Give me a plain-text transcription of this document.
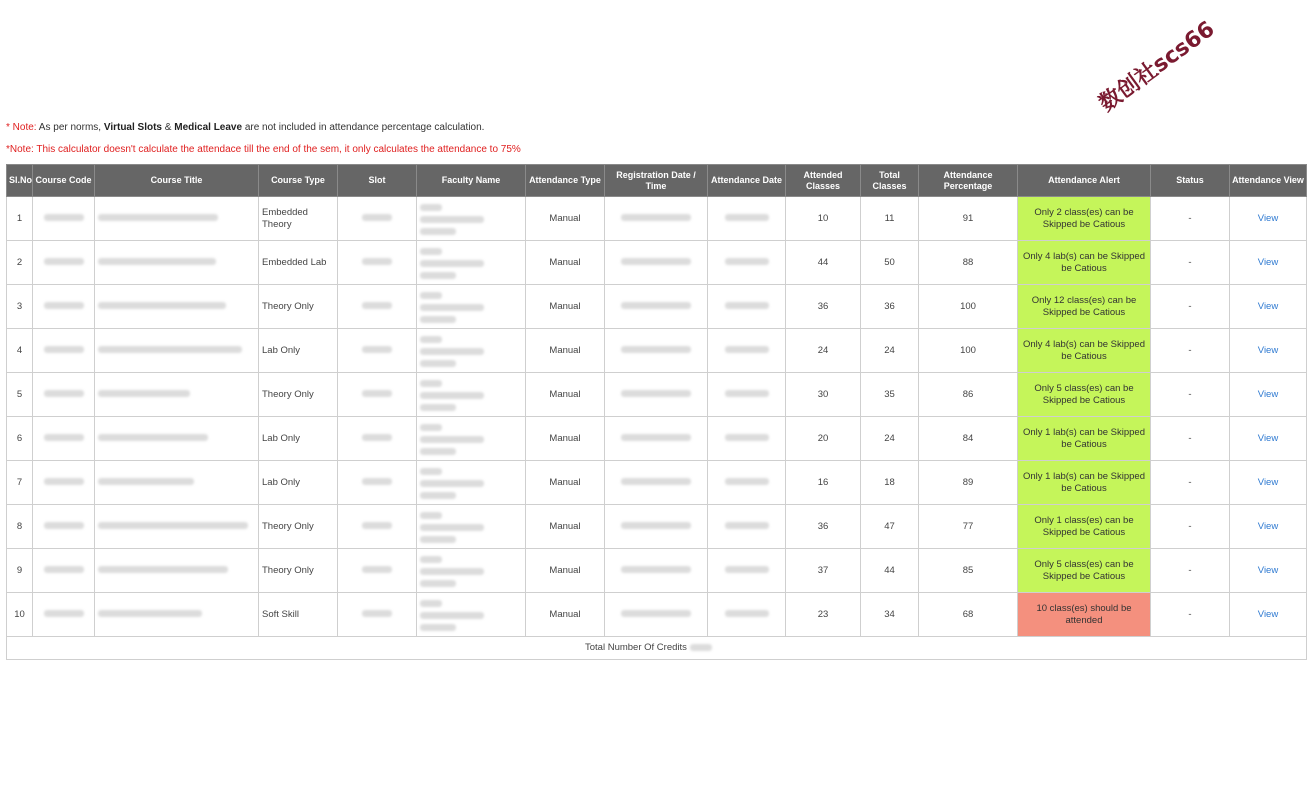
数创社scs66
* Note: As per norms, Virtual Slots & Medical Leave are not included in attendance percentage calculation.
*Note: This calculator doesn't calculate the attendace till the end of the sem, it only calculates the attendance to 75%
Sl.No	Course Code	Course Title	Course Type	Slot	Faculty Name	Attendance Type	Registration Date / Time	Attendance Date	Attended Classes	Total Classes	Attendance Percentage	Attendance Alert	Status	Attendance View
1			Embedded Theory			Manual			10	11	91	Only 2 class(es) can be Skipped be Catious	-	View
2			Embedded Lab			Manual			44	50	88	Only 4 lab(s) can be Skipped be Catious	-	View
3			Theory Only			Manual			36	36	100	Only 12 class(es) can be Skipped be Catious	-	View
4			Lab Only			Manual			24	24	100	Only 4 lab(s) can be Skipped be Catious	-	View
5			Theory Only			Manual			30	35	86	Only 5 class(es) can be Skipped be Catious	-	View
6			Lab Only			Manual			20	24	84	Only 1 lab(s) can be Skipped be Catious	-	View
7			Lab Only			Manual			16	18	89	Only 1 lab(s) can be Skipped be Catious	-	View
8			Theory Only			Manual			36	47	77	Only 1 class(es) can be Skipped be Catious	-	View
9			Theory Only			Manual			37	44	85	Only 5 class(es) can be Skipped be Catious	-	View
10			Soft Skill			Manual			23	34	68	10 class(es) should be attended	-	View
Total Number Of Credits														
